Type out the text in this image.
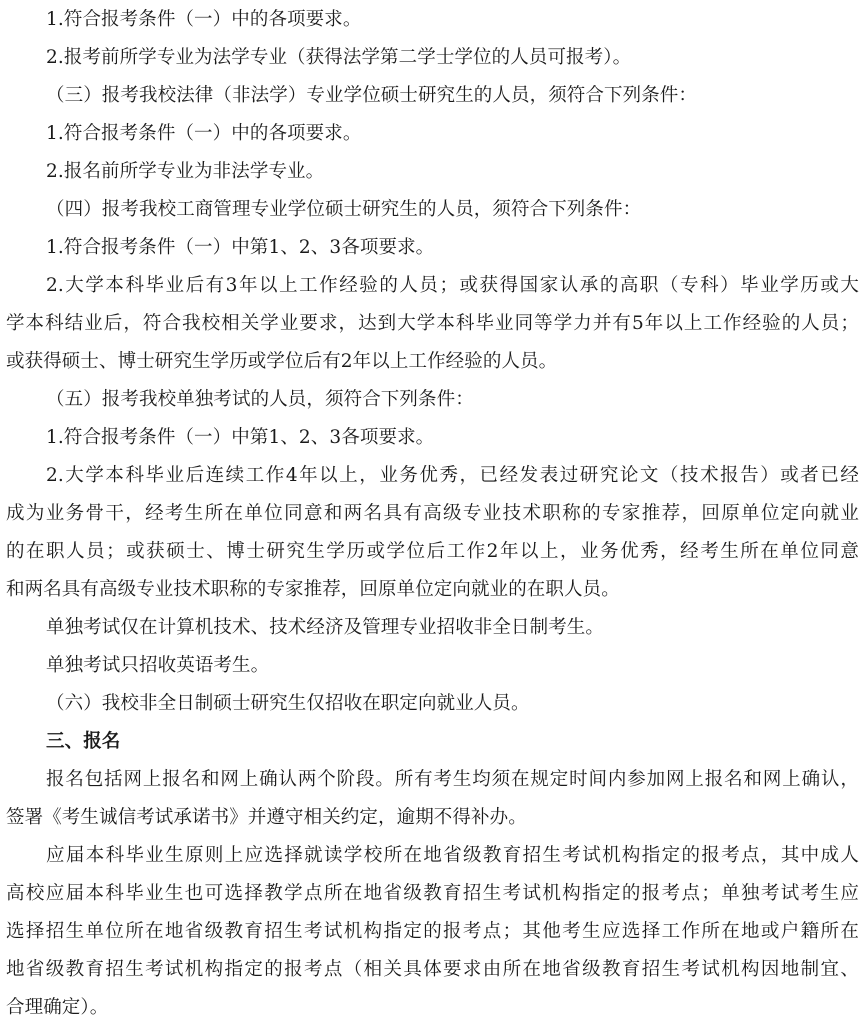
1.符合报考条件（一）中的各项要求。
2.报考前所学专业为法学专业（获得法学第二学士学位的人员可报考）。
（三）报考我校法律（非法学）专业学位硕士研究生的人员，须符合下列条件：
1.符合报考条件（一）中的各项要求。
2.报名前所学专业为非法学专业。
（四）报考我校工商管理专业学位硕士研究生的人员，须符合下列条件：
1.符合报考条件（一）中第1、2、3各项要求。
2.大学本科毕业后有3年以上工作经验的人员；或获得国家认承的高职（专科）毕业学历或大
学本科结业后，符合我校相关学业要求，达到大学本科毕业同等学力并有5年以上工作经验的人员；
或获得硕士、博士研究生学历或学位后有2年以上工作经验的人员。
（五）报考我校单独考试的人员，须符合下列条件：
1.符合报考条件（一）中第1、2、3各项要求。
2.大学本科毕业后连续工作4年以上，业务优秀，已经发表过研究论文（技术报告）或者已经
成为业务骨干，经考生所在单位同意和两名具有高级专业技术职称的专家推荐，回原单位定向就业
的在职人员；或获硕士、博士研究生学历或学位后工作2年以上，业务优秀，经考生所在单位同意
和两名具有高级专业技术职称的专家推荐，回原单位定向就业的在职人员。
单独考试仅在计算机技术、技术经济及管理专业招收非全日制考生。
单独考试只招收英语考生。
（六）我校非全日制硕士研究生仅招收在职定向就业人员。
三、报名
报名包括网上报名和网上确认两个阶段。所有考生均须在规定时间内参加网上报名和网上确认，
签署《考生诚信考试承诺书》并遵守相关约定，逾期不得补办。
应届本科毕业生原则上应选择就读学校所在地省级教育招生考试机构指定的报考点，其中成人
高校应届本科毕业生也可选择教学点所在地省级教育招生考试机构指定的报考点；单独考试考生应
选择招生单位所在地省级教育招生考试机构指定的报考点；其他考生应选择工作所在地或户籍所在
地省级教育招生考试机构指定的报考点（相关具体要求由所在地省级教育招生考试机构因地制宜、
合理确定）。
